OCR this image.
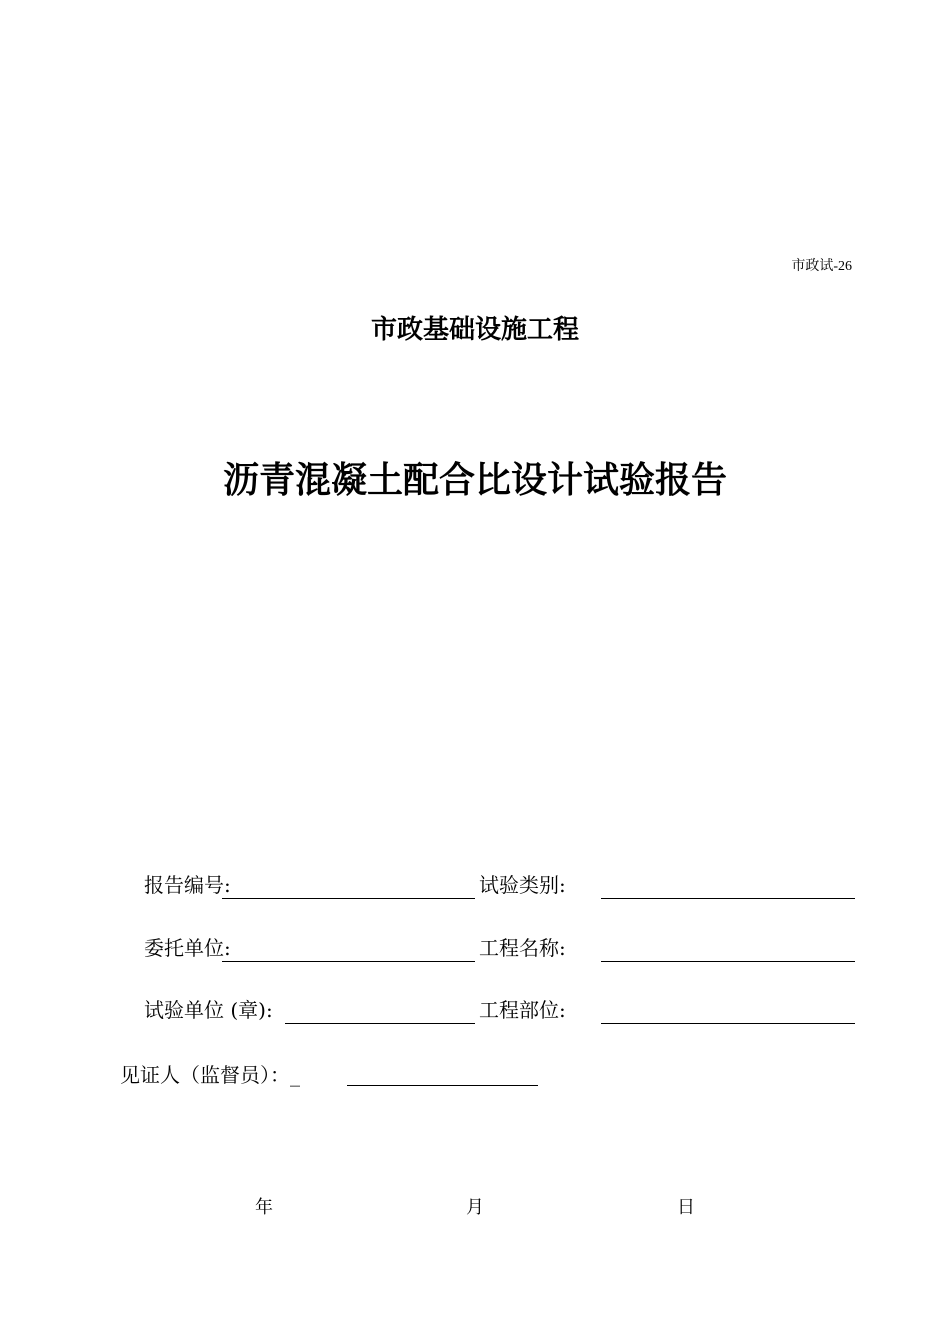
市政试-26
市政基础设施工程
沥青混凝土配合比设计试验报告
报告编号:	试验类别:
委托单位:	工程名称:
试验单位 (章):	工程部位:
见证人（监督员）：_
年	月	日
